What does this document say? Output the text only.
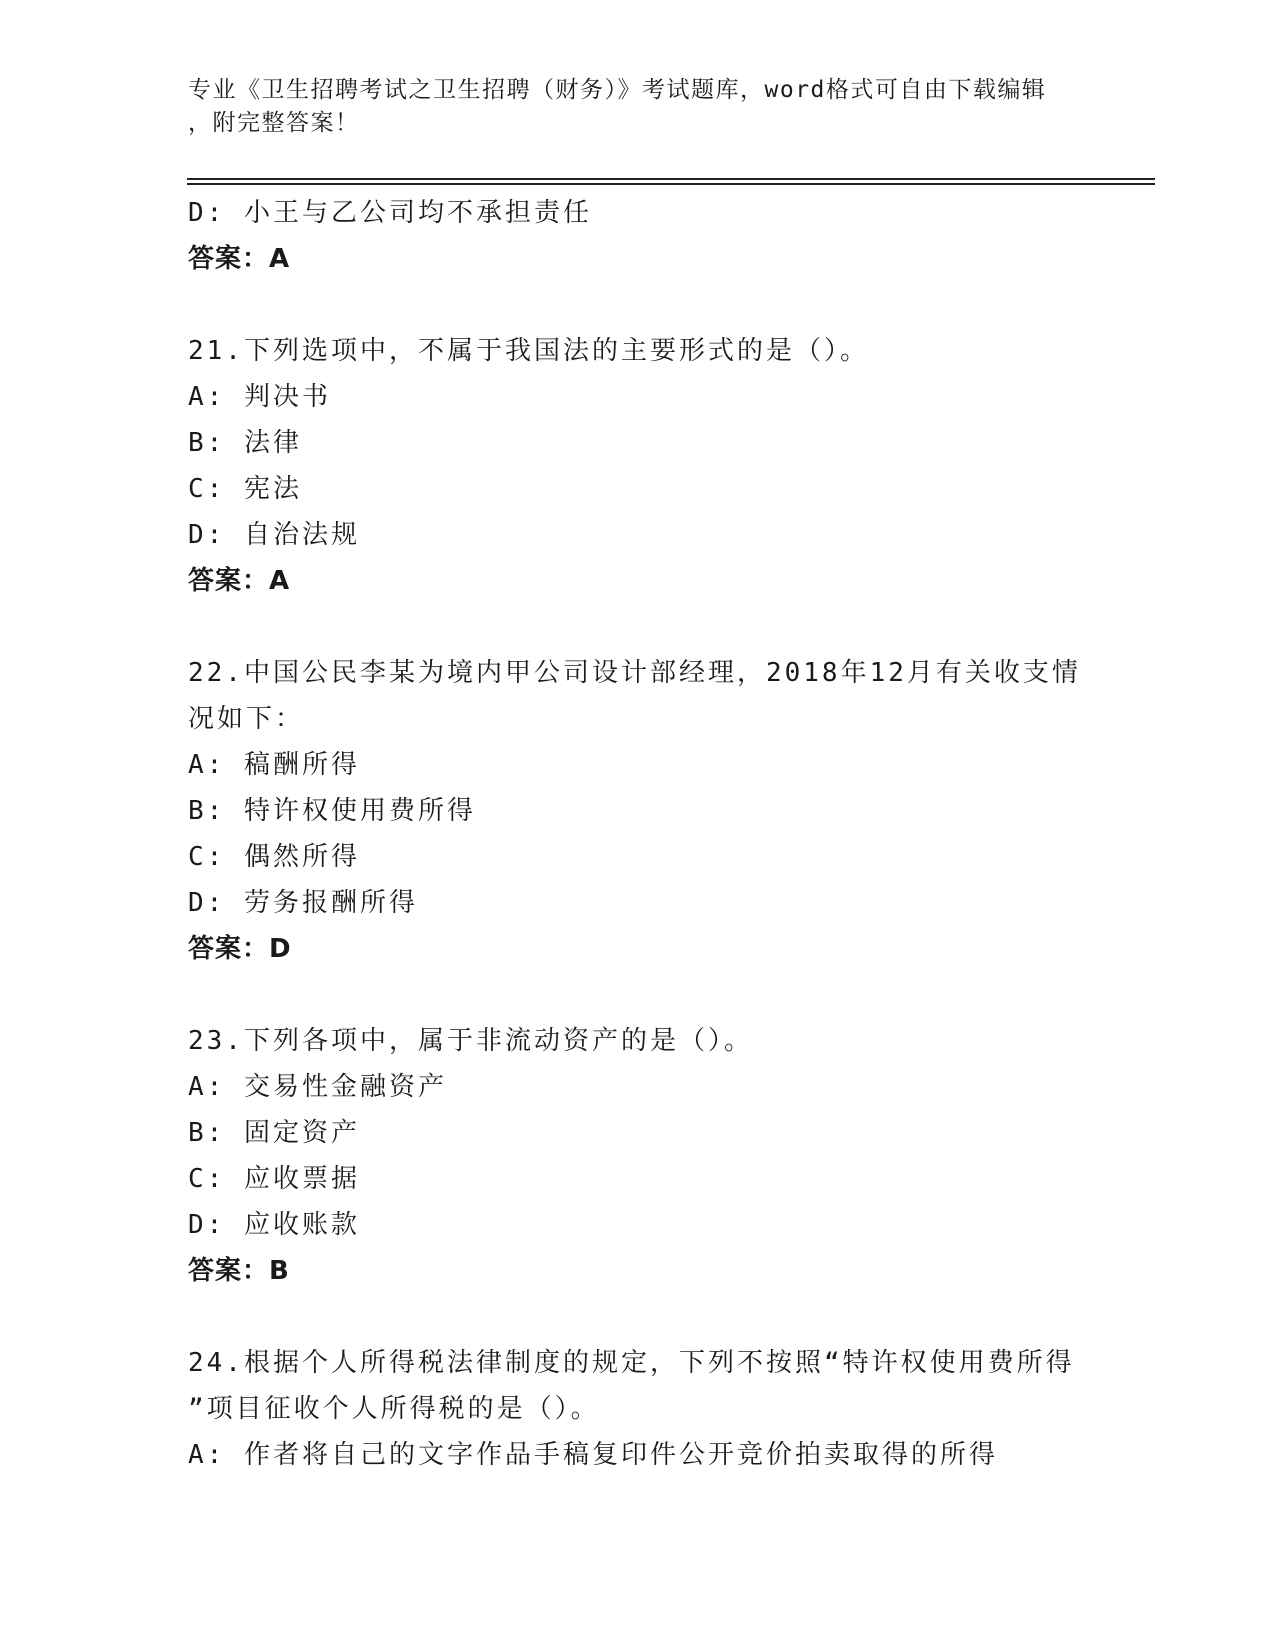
专业《卫生招聘考试之卫生招聘（财务）》考试题库，word格式可自由下载编辑
，附完整答案！
D: 小王与乙公司均不承担责任
答案：A
21.下列选项中，不属于我国法的主要形式的是（）。
A: 判决书
B: 法律
C: 宪法
D: 自治法规
答案：A
22.中国公民李某为境内甲公司设计部经理，2018年12月有关收支情
况如下：
A: 稿酬所得
B: 特许权使用费所得
C: 偶然所得
D: 劳务报酬所得
答案：D
23.下列各项中，属于非流动资产的是（）。
A: 交易性金融资产
B: 固定资产
C: 应收票据
D: 应收账款
答案：B
24.根据个人所得税法律制度的规定，下列不按照“特许权使用费所得
”项目征收个人所得税的是（）。
A: 作者将自己的文字作品手稿复印件公开竞价拍卖取得的所得
